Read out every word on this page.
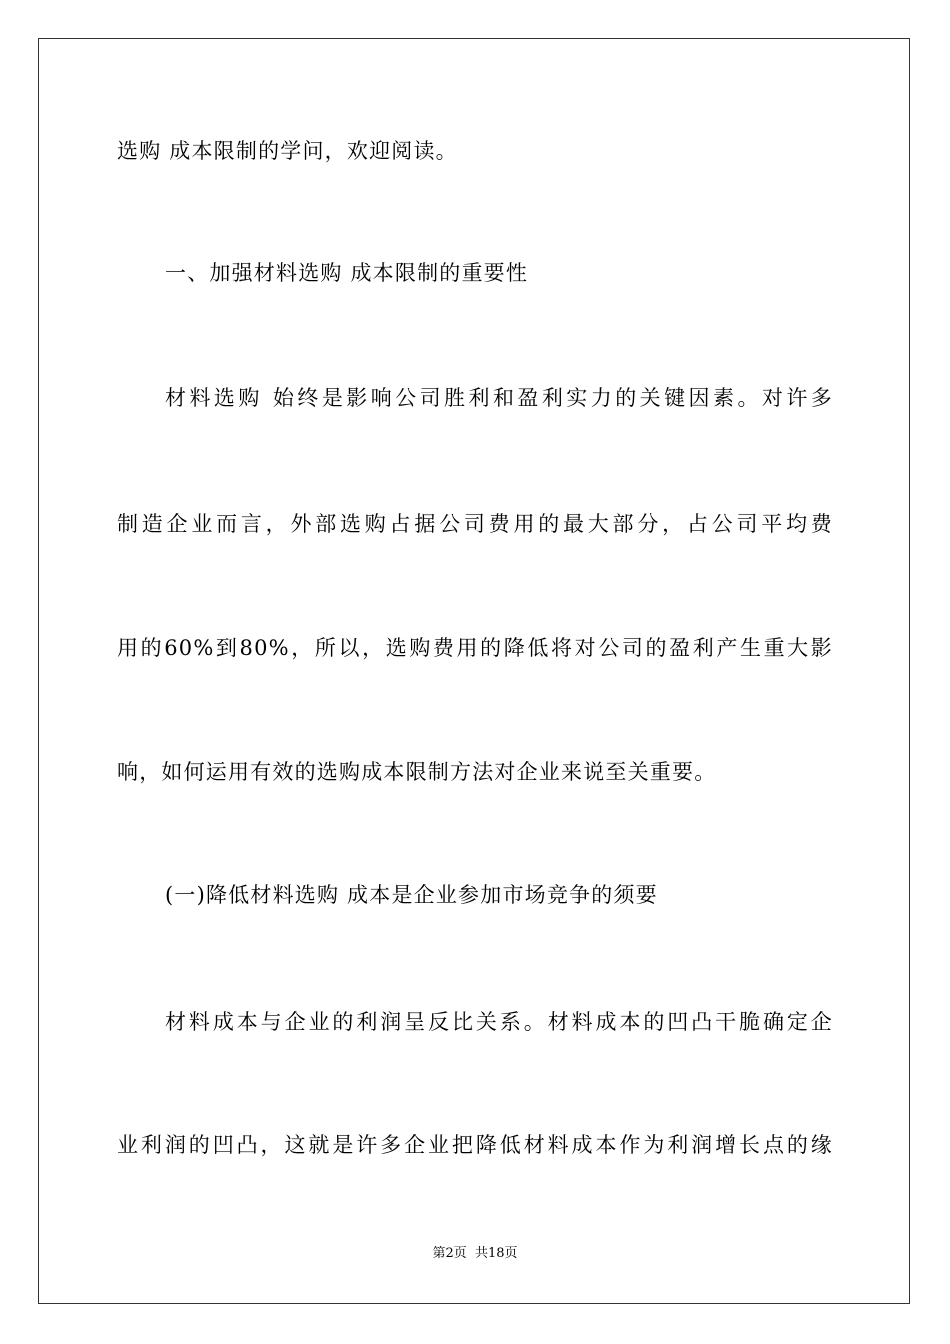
选购 成本限制的学问，欢迎阅读。
一、加强材料选购 成本限制的重要性
材料选购 始终是影响公司胜利和盈利实力的关键因素。对许多
制造企业而言，外部选购占据公司费用的最大部分，占公司平均费
用的60%到80%，所以，选购费用的降低将对公司的盈利产生重大影
响，如何运用有效的选购成本限制方法对企业来说至关重要。
(一)降低材料选购 成本是企业参加市场竞争的须要
材料成本与企业的利润呈反比关系。材料成本的凹凸干脆确定企
业利润的凹凸，这就是许多企业把降低材料成本作为利润增长点的缘
第2页 共18页
